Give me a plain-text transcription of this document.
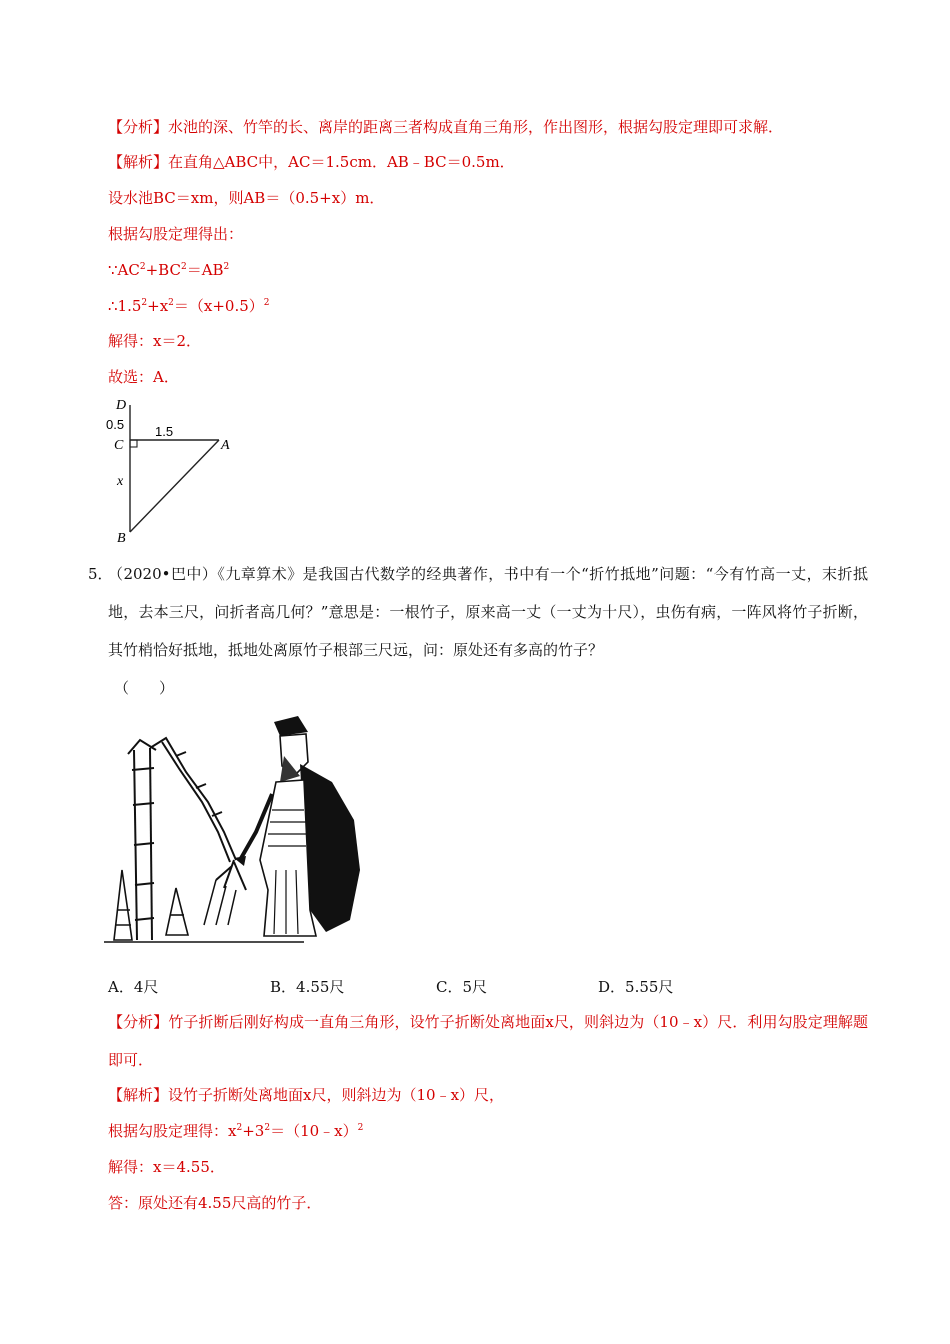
【分析】水池的深、竹竿的长、离岸的距离三者构成直角三角形，作出图形，根据勾股定理即可求解．
【解析】在直角△ABC中，AC＝1.5cm．AB﹣BC＝0.5m．
设水池BC＝xm，则AB＝（0.5+x）m．
根据勾股定理得出：
$\because AC^2+BC^2=AB^2$
$\therefore 1.5^2+x^2=(x+0.5)^2$
解得：x＝2．
故选：A．
D
0.5 1.5
C	A
x
B
5．
（2020•巴中）《九章算术》是我国古代数学的经典著作，书中有一个“折竹抵地”问题：“今有竹高一丈，末折抵地，去本三尺，问折者高几何？”意思是：一根竹子，原来高一丈（一丈为十尺），虫伤有病，一阵风将竹子折断，其竹梢恰好抵地，抵地处离原竹子根部三尺远，问：原处还有多高的竹子？
（　　）
A．4尺	B．4.55尺	C．5尺	D．5.55尺
【分析】竹子折断后刚好构成一直角三角形，设竹子折断处离地面x尺，则斜边为（10﹣x）尺．利用勾股定理解题即可．
【解析】设竹子折断处离地面x尺，则斜边为（10﹣x）尺，
根据勾股定理得：$x^2+3^2=(10﹣x)^2$
解得：x＝4.55．
答：原处还有4.55尺高的竹子．
